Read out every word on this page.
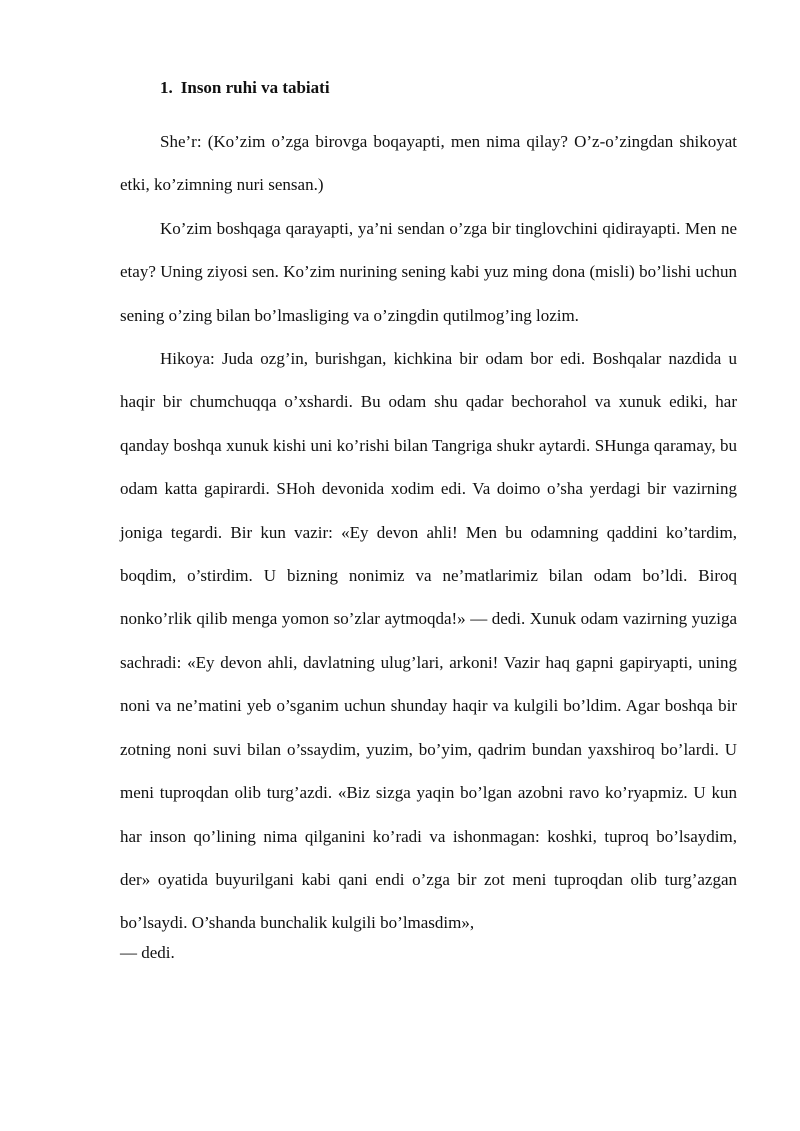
1. Inson ruhi va tabiati

She’r: (Ko’zim o’zga birovga boqayapti, men nima qilay? O’z-o’zingdan shikoyat etki, ko’zimning nuri sensan.)

Ko’zim boshqaga qarayapti, ya’ni sendan o’zga bir tinglovchini qidirayapti. Men ne etay? Uning ziyosi sen. Ko’zim nurining sening kabi yuz ming dona (misli) bo’lishi uchun sening o’zing bilan bo’lmasliging va o’zingdin qutilmog’ing lozim.

Hikoya: Juda ozg’in, burishgan, kichkina bir odam bor edi. Boshqalar nazdida u haqir bir chumchuqqa o’xshardi. Bu odam shu qadar bechorahol va xunuk ediki, har qanday boshqa xunuk kishi uni ko’rishi bilan Tangriga shukr aytardi. SHunga qaramay, bu odam katta gapirardi. SHoh devonida xodim edi. Va doimo o’sha yerdagi bir vazirning joniga tegardi. Bir kun vazir: «Ey devon ahli! Men bu odamning qaddini ko’tardim, boqdim, o’stirdim. U bizning nonimiz va ne’matlarimiz bilan odam bo’ldi. Biroq nonko’rlik qilib menga yomon so’zlar aytmoqda!» — dedi. Xunuk odam vazirning yuziga sachradi: «Ey devon ahli, davlatning ulug’lari, arkoni! Vazir haq gapni gapiryapti, uning noni va ne’matini yeb o’sganim uchun shunday haqir va kulgili bo’ldim. Agar boshqa bir zotning noni suvi bilan o’ssaydim, yuzim, bo’yim, qadrim bundan yaxshiroq bo’lardi. U meni tuproqdan olib turg’azdi. «Biz sizga yaqin bo’lgan azobni ravo ko’ryapmiz. U kun har inson qo’lining nima qilganini ko’radi va ishonmagan: koshki, tuproq bo’lsaydim, der» oyatida buyurilgani kabi qani endi o’zga bir zot meni tuproqdan olib turg’azgan bo’lsaydi. O’shanda bunchalik kulgili bo’lmasdim»,

— dedi.
